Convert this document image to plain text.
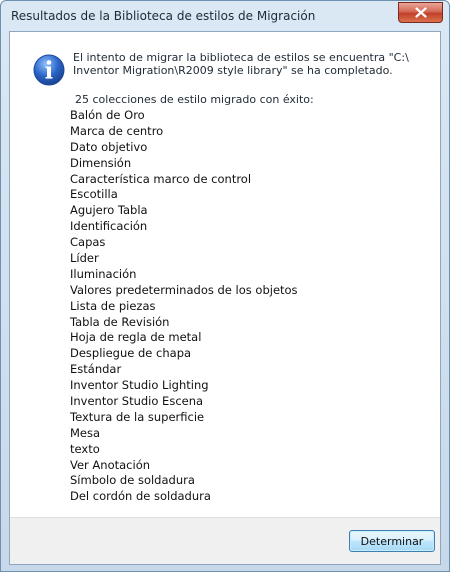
Resultados de la Biblioteca de estilos de Migración
El intento de migrar la biblioteca de estilos se encuentra "C:\
Inventor Migration\R2009 style library" se ha completado.
25 colecciones de estilo migrado con éxito:
Balón de Oro
Marca de centro
Dato objetivo
Dimensión
Característica marco de control
Escotilla
Agujero Tabla
Identificación
Capas
Líder
Iluminación
Valores predeterminados de los objetos
Lista de piezas
Tabla de Revisión
Hoja de regla de metal
Despliegue de chapa
Estándar
Inventor Studio Lighting
Inventor Studio Escena
Textura de la superficie
Mesa
texto
Ver Anotación
Símbolo de soldadura
Del cordón de soldadura
Determinar
